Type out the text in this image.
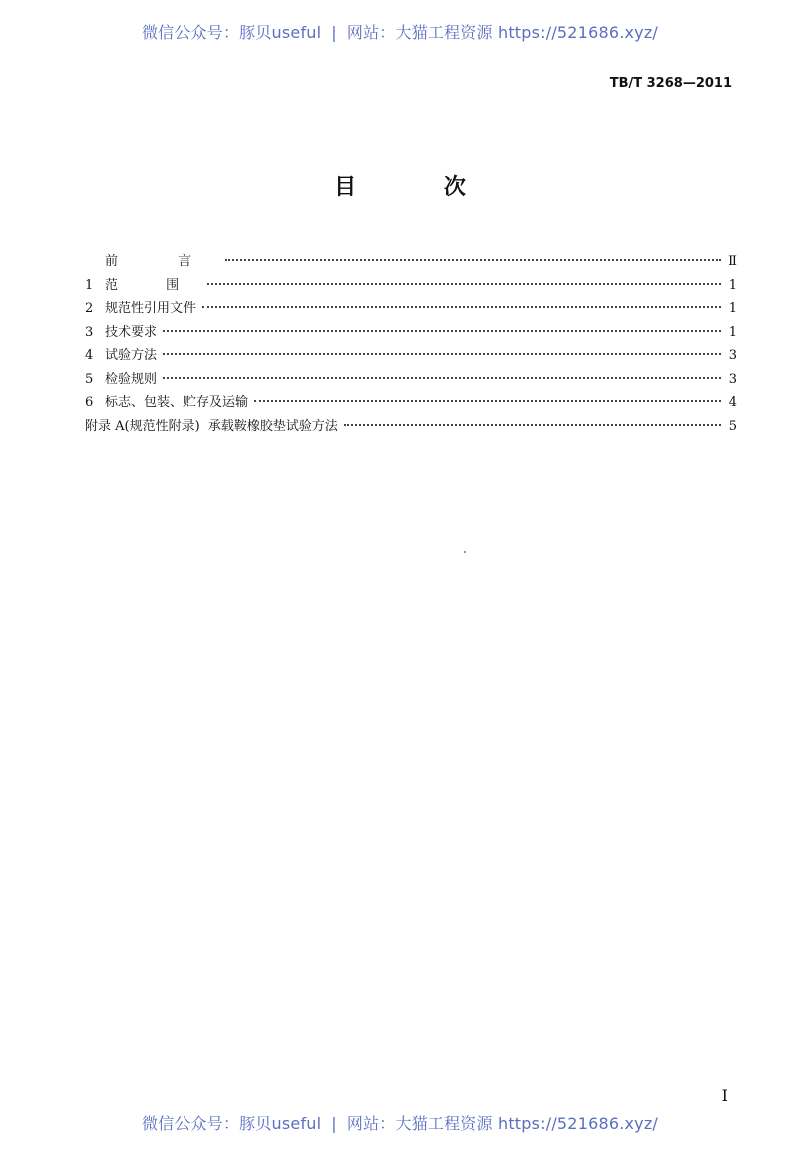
微信公众号：豚贝useful | 网站：大猫工程资源 https://521686.xyz/
TB/T 3268—2011
目 次
前 言	Ⅱ
1 范 围	1
2 规范性引用文件	1
3 技术要求	1
4 试验方法	3
5 检验规则	3
6 标志、包装、贮存及运输	4
附录 A(规范性附录)  承载鞍橡胶垫试验方法	5
Ⅰ
微信公众号：豚贝useful | 网站：大猫工程资源 https://521686.xyz/
